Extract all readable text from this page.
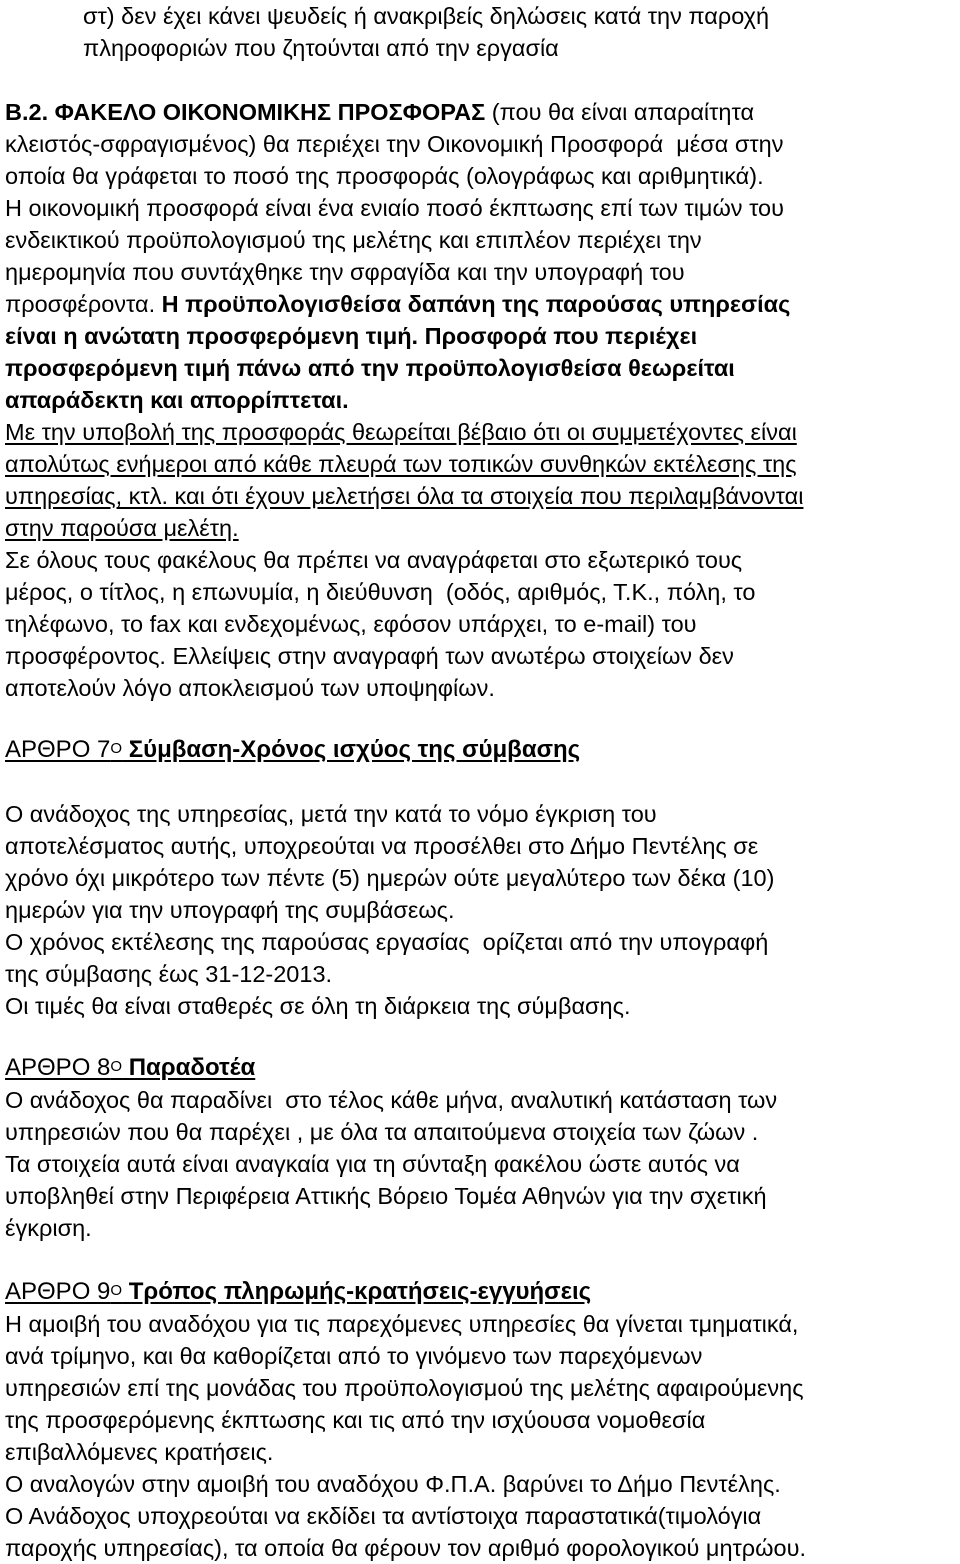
στ) δεν έχει κάνει ψευδείς ή ανακριβείς δηλώσεις κατά την παροχή
πληροφοριών που ζητούνται από την εργασία
Β.2. ΦΑΚΕΛΟ ΟΙΚΟΝΟΜΙΚΗΣ ΠΡΟΣΦΟΡΑΣ (που θα είναι απαραίτητα
κλειστός-σφραγισμένος) θα περιέχει την Οικονομική Προσφορά  μέσα στην
οποία θα γράφεται το ποσό της προσφοράς (ολογράφως και αριθμητικά).
Η οικονομική προσφορά είναι ένα ενιαίο ποσό έκπτωσης επί των τιμών του
ενδεικτικού προϋπολογισμού της μελέτης και επιπλέον περιέχει την
ημερομηνία που συντάχθηκε την σφραγίδα και την υπογραφή του
προσφέροντα. Η προϋπολογισθείσα δαπάνη της παρούσας υπηρεσίας
είναι η ανώτατη προσφερόμενη τιμή. Προσφορά που περιέχει
προσφερόμενη τιμή πάνω από την προϋπολογισθείσα θεωρείται
απαράδεκτη και απορρίπτεται.
Με την υποβολή της προσφοράς θεωρείται βέβαιο ότι οι συμμετέχοντες είναι
απολύτως ενήμεροι από κάθε πλευρά των τοπικών συνθηκών εκτέλεσης της
υπηρεσίας, κτλ. και ότι έχουν μελετήσει όλα τα στοιχεία που περιλαμβάνονται
στην παρούσα μελέτη.
Σε όλους τους φακέλους θα πρέπει να αναγράφεται στο εξωτερικό τους
μέρος, ο τίτλος, η επωνυμία, η διεύθυνση  (οδός, αριθμός, Τ.Κ., πόλη, το
τηλέφωνο, το fax και ενδεχομένως, εφόσον υπάρχει, το e-mail) του
προσφέροντος. Ελλείψεις στην αναγραφή των ανωτέρω στοιχείων δεν
αποτελούν λόγο αποκλεισμού των υποψηφίων.
ΑΡΘΡΟ $7^O$ Σύμβαση-Χρόνος ισχύος της σύμβασης
Ο ανάδοχος της υπηρεσίας, μετά την κατά το νόμο έγκριση του
αποτελέσματος αυτής, υποχρεούται να προσέλθει στο Δήμο Πεντέλης σε
χρόνο όχι μικρότερο των πέντε (5) ημερών ούτε μεγαλύτερο των δέκα (10)
ημερών για την υπογραφή της συμβάσεως.
Ο χρόνος εκτέλεσης της παρούσας εργασίας  ορίζεται από την υπογραφή
της σύμβασης έως 31-12-2013.
Οι τιμές θα είναι σταθερές σε όλη τη διάρκεια της σύμβασης.
ΑΡΘΡΟ $8^O$ Παραδοτέα
Ο ανάδοχος θα παραδίνει  στο τέλος κάθε μήνα, αναλυτική κατάσταση των
υπηρεσιών που θα παρέχει , με όλα τα απαιτούμενα στοιχεία των ζώων .
Τα στοιχεία αυτά είναι αναγκαία για τη σύνταξη φακέλου ώστε αυτός να
υποβληθεί στην Περιφέρεια Αττικής Βόρειο Τομέα Αθηνών για την σχετική
έγκριση.
ΑΡΘΡΟ $9^O$ Τρόπος πληρωμής-κρατήσεις-εγγυήσεις
Η αμοιβή του αναδόχου για τις παρεχόμενες υπηρεσίες θα γίνεται τμηματικά,
ανά τρίμηνο, και θα καθορίζεται από το γινόμενο των παρεχόμενων
υπηρεσιών επί της μονάδας του προϋπολογισμού της μελέτης αφαιρούμενης
της προσφερόμενης έκπτωσης και τις από την ισχύουσα νομοθεσία
επιβαλλόμενες κρατήσεις.
Ο αναλογών στην αμοιβή του αναδόχου Φ.Π.Α. βαρύνει το Δήμο Πεντέλης.
Ο Ανάδοχος υποχρεούται να εκδίδει τα αντίστοιχα παραστατικά(τιμολόγια
παροχής υπηρεσίας), τα οποία θα φέρουν τον αριθμό φορολογικού μητρώου.
